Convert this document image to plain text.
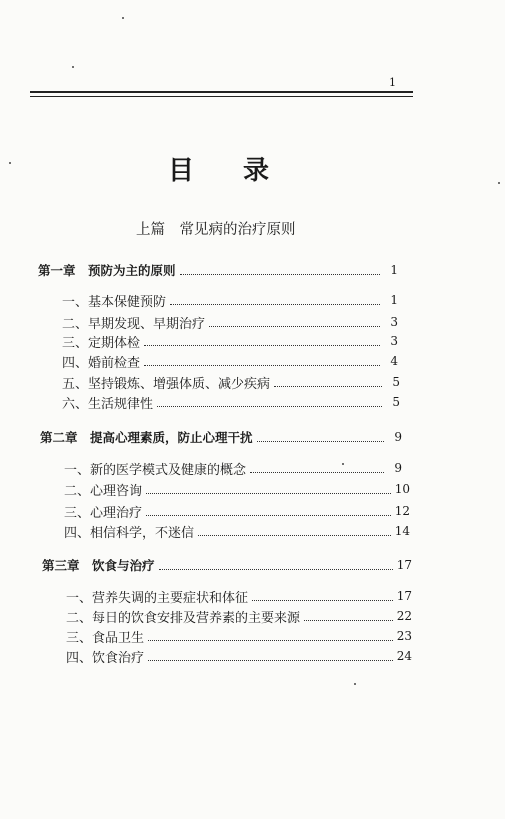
1
目 录
上篇　常见病的治疗原则
第一章　预防为主的原则	1
一、基本保健预防	1
二、早期发现、早期治疗	3
三、定期体检	3
四、婚前检查	4
五、坚持锻炼、增强体质、减少疾病	5
六、生活规律性	5
第二章　提高心理素质，防止心理干扰	9
一、新的医学模式及健康的概念	9
二、心理咨询	10
三、心理治疗	12
四、相信科学，不迷信	14
第三章　饮食与治疗	17
一、营养失调的主要症状和体征	17
二、每日的饮食安排及营养素的主要来源	22
三、食品卫生	23
四、饮食治疗	24
